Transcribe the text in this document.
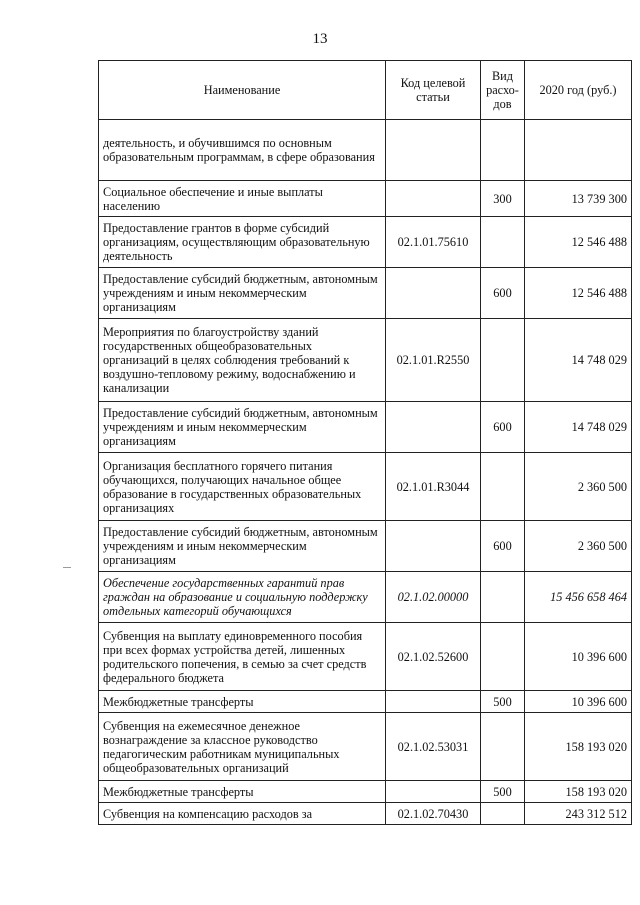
13
Наименование	Код целевой статьи	Вид расхо-дов	2020 год (руб.)
деятельность, и обучившимся по основным образовательным программам, в сфере образования			
Социальное обеспечение и иные выплаты населению		300	13 739 300
Предоставление грантов в форме субсидий организациям, осуществляющим образовательную деятельность	02.1.01.75610		12 546 488
Предоставление субсидий бюджетным, автономным учреждениям и иным некоммерческим организациям		600	12 546 488
Мероприятия по благоустройству зданий государственных общеобразовательных организаций в целях соблюдения требований к воздушно-тепловому режиму, водоснабжению и канализации	02.1.01.R2550		14 748 029
Предоставление субсидий бюджетным, автономным учреждениям и иным некоммерческим организациям		600	14 748 029
Организация бесплатного горячего питания обучающихся, получающих начальное общее образование в государственных образовательных организациях	02.1.01.R3044		2 360 500
Предоставление субсидий бюджетным, автономным учреждениям и иным некоммерческим организациям		600	2 360 500
Обеспечение государственных гарантий прав граждан на образование и социальную поддержку отдельных категорий обучающихся	02.1.02.00000		15 456 658 464
Субвенция на выплату единовременного пособия при всех формах устройства детей, лишенных родительского попечения, в семью за счет средств федерального бюджета	02.1.02.52600		10 396 600
Межбюджетные трансферты		500	10 396 600
Субвенция на ежемесячное денежное вознаграждение за классное руководство педагогическим работникам муниципальных общеобразовательных организаций	02.1.02.53031		158 193 020
Межбюджетные трансферты		500	158 193 020
Субвенция на компенсацию расходов за	02.1.02.70430		243 312 512
